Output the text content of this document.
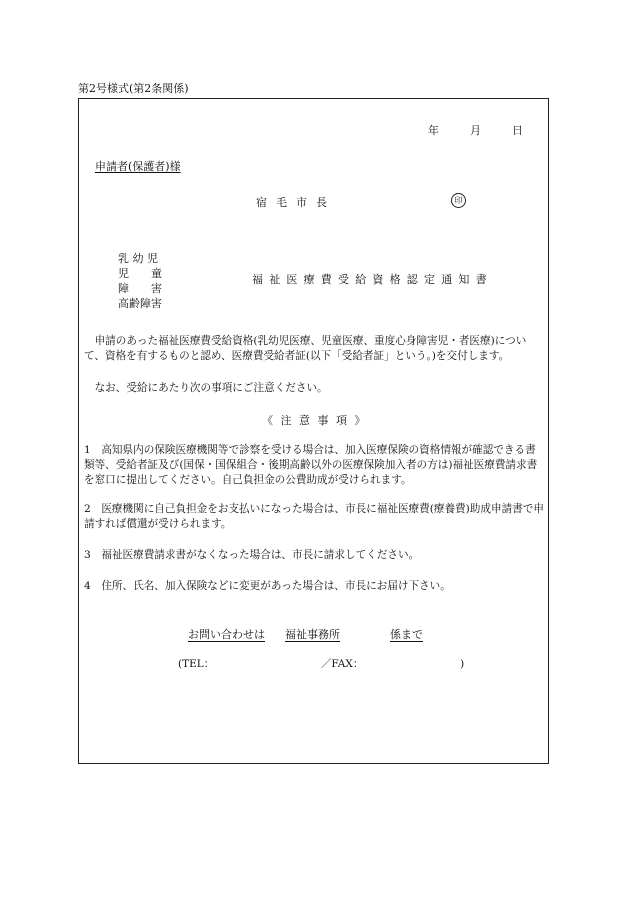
第2号様式(第2条関係)
年	月	日
申請者(保護者)様
宿毛市長	印
乳 幼 児
児　　童
障　　害
高齢障害
福祉医療費受給資格認定通知書
　申請のあった福祉医療費受給資格(乳幼児医療、児童医療、重度心身障害児・者医療)について、資格を有するものと認め、医療費受給者証(以下「受給者証」という。)を交付します。
　なお、受給にあたり次の事項にご注意ください。
《 注 意 事 項 》
1　高知県内の保険医療機関等で診察を受ける場合は、加入医療保険の資格情報が確認できる書類等、受給者証及び(国保・国保組合・後期高齢以外の医療保険加入者の方は)福祉医療費請求書を窓口に提出してください。自己負担金の公費助成が受けられます。
2　医療機関に自己負担金をお支払いになった場合は、市長に福祉医療費(療養費)助成申請書で申請すれば償還が受けられます。
3　福祉医療費請求書がなくなった場合は、市長に請求してください。
4　住所、氏名、加入保険などに変更があった場合は、市長にお届け下さい。
お問い合わせは 福祉事務所	係まで
(TEL：	／FAX：	)
